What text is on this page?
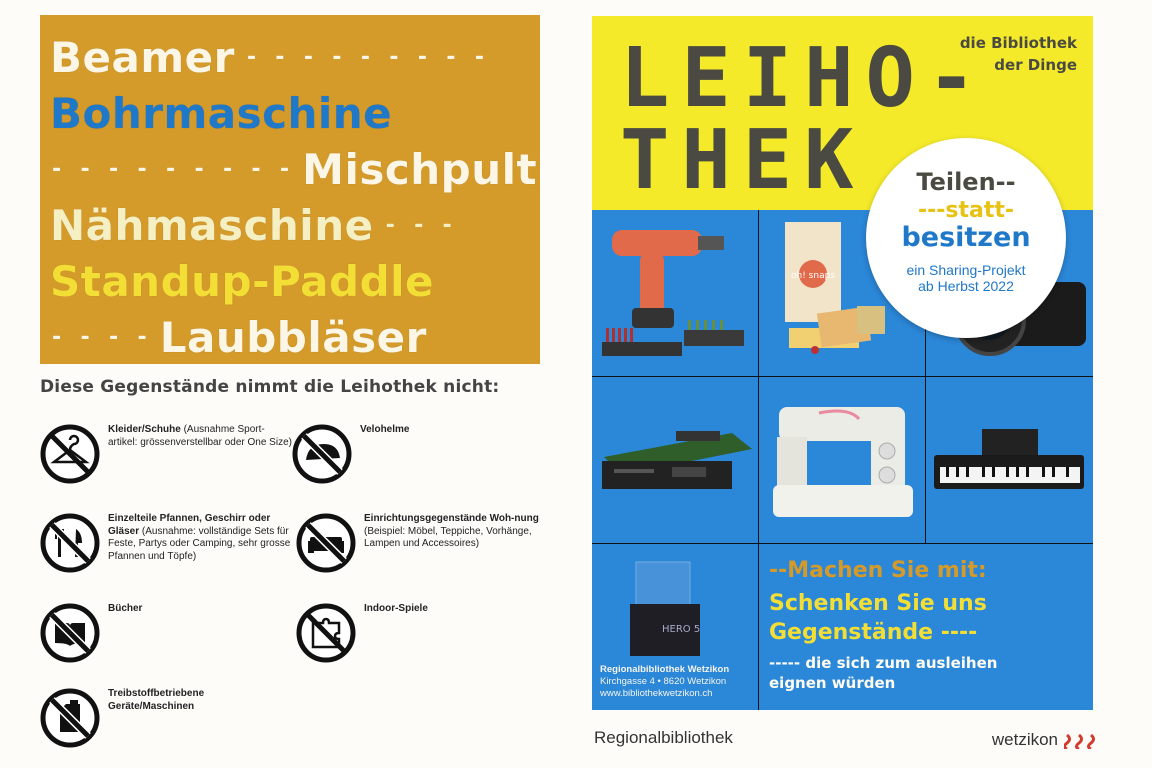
Beamer - - - - - - - - -
Bohrmaschine
- - - - - - - - - Mischpult
Nähmaschine - - -
Standup-Paddle
- - - - Laubbläser
Diese Gegenstände nimmt die Leihothek nicht:
Kleider/Schuhe (Ausnahme Sport-artikel: grössenverstellbar oder One Size)
Velohelme
Einzelteile Pfannen, Geschirr oder Gläser (Ausnahme: vollständige Sets für Feste, Partys oder Camping, sehr grosse Pfannen und Töpfe)
Einrichtungsgegenstände Woh-nung (Beispiel: Möbel, Teppiche, Vorhänge, Lampen und Accessoires)
Bücher	Indoor-Spiele
Treibstoffbetriebene Geräte/Maschinen
LEIHO-
THEK
die Bibliothek
der Dinge
oh! snaps
HERO 5
Regionalbibliothek Wetzikon
Kirchgasse 4 • 8620 Wetzikon
www.bibliothekwetzikon.ch
--Machen Sie mit:
Schenken Sie uns
Gegenstände ----
----- die sich zum ausleihen
eignen würden
Teilen--
---statt-
besitzen
ein Sharing-Projekt
ab Herbst 2022
Regionalbibliothek	wetzikon
